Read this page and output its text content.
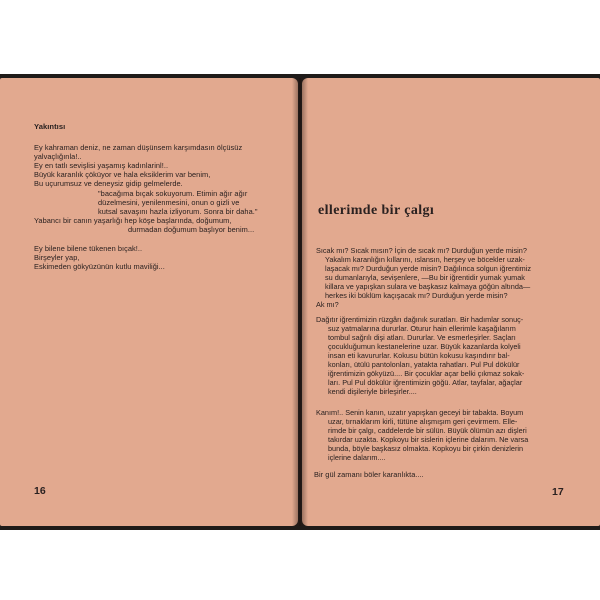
Yakıntısı

Ey kahraman deniz, ne zaman düşünsem karşımdasın ölçüsüz

yalvaçlığınla!..

Ey en tatlı sevişlisi yaşamış kadınlarinl!..

Büyük karanlık çöküyor ve hala eksiklerim var benim,

Bu uçurumsuz ve deneysiz gidip gelmelerde.

"bacağıma bıçak sokuyorum. Etimin ağır ağır

düzelmesini, yenilenmesini, onun o gizli ve

kutsal savaşını hazla izliyorum. Sonra bir daha."

Yabancı bir canın yaşarlığı hep köşe başlarında, doğumum,

durmadan doğumum başlıyor benim...

Ey bilene bilene tükenen bıçak!..

Birşeyler yap,

Eskimeden gökyüzünün kutlu maviliği...

16

ellerimde bir çalgı

Sıcak mı? Sıcak mısın? İçin de sıcak mı? Durduğun yerde misin?
Yakalım karanlığın kıllarını, ıslansın, herşey ve böcekler uzak-
laşacak mı? Durduğun yerde misin? Dağılınca solgun iğrentimiz
su dumanlarıyla, sevişenlere, —Bu bir iğrentidir yumak yumak
killara ve yapışkan sulara ve başkasız kalmaya göğün altında—
herkes iki büklüm kaçışacak mı? Durduğun yerde misin?
Ak mı?
Dağıtır iğrentimizin rüzgârı dağınık suratları. Bir hadımlar sonuç-
suz yatmalarına dururlar. Oturur hain ellerimle kaşağılarım
tombul sağrılı dişi atları. Dururlar. Ve esmerleşirler. Saçları
çocukluğumun kestanelerine uzar. Büyük kazanlarda kolyeli
insan eti kavururlar. Kokusu bütün kokusu kaşındırır bal-
konları, ütülü pantolonları, yatakta rahatları. Pul Pul dökülür
iğrentimizin gökyüzü.... Bir çocuklar açar belki çıkmaz sokak-
ları. Pul Pul dökülür iğrentimizin göğü. Atlar, tayfalar, ağaçlar
kendi dişileriyle birleşirler....
Kanım!.. Senin kanın, uzatır yapışkan geceyi bir tabakta. Boyum
uzar, tırnaklarım kirli, tütüne alışmışım geri çevirmem. Elle-
rimde bir çalgı, caddelerde bir sülün. Büyük ölümün azı dişleri
takırdar uzakta. Kopkoyu bir sislerin içlerine dalarım. Ne varsa
bunda, böyle başkasız olmakta. Kopkoyu bir çirkin denizlerin
içlerine dalarım....

Bir gül zamanı böler karanlıkta....

17
